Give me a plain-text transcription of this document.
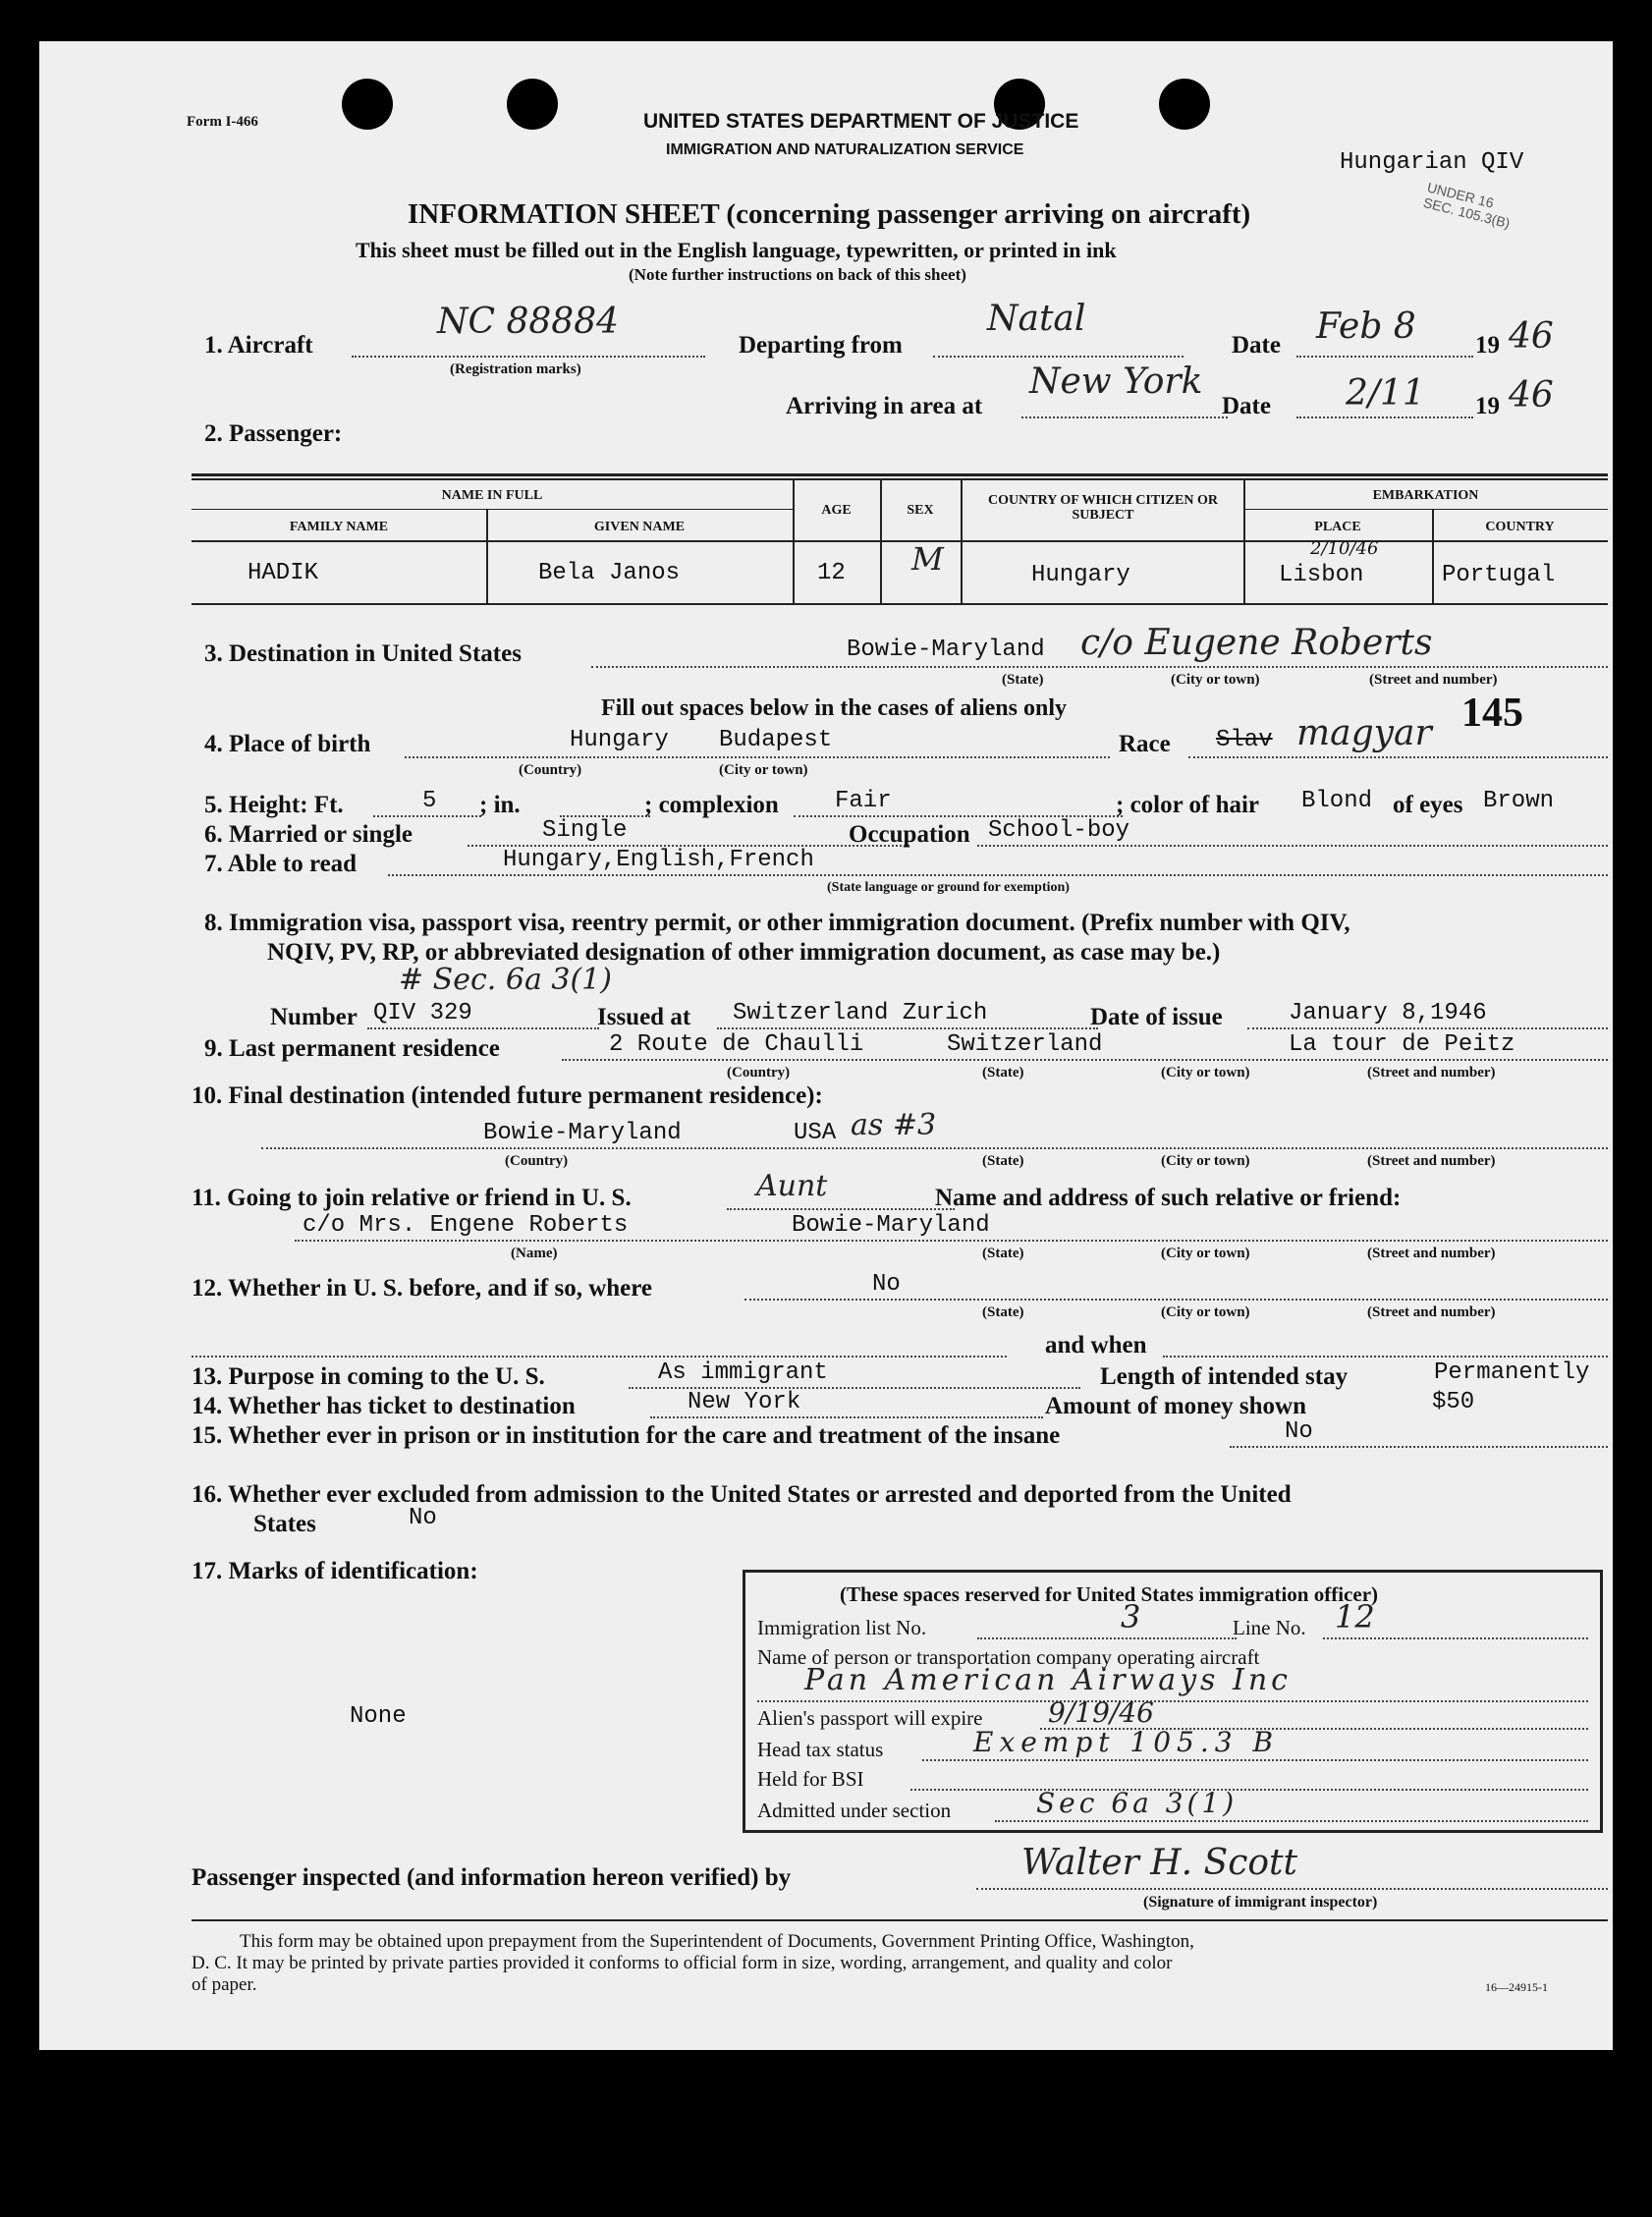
Form I-466	UNITED STATES DEPARTMENT OF JUSTICE
IMMIGRATION AND NATURALIZATION SERVICE	Hungarian QIV
UNDER 16 SEC. 105.3(B)
INFORMATION SHEET (concerning passenger arriving on aircraft)
This sheet must be filled out in the English language, typewritten, or printed in ink
(Note further instructions on back of this sheet)
1. Aircraft
NC 88884
(Registration marks)
Departing from
Natal
Date Feb 8 19 46
Arriving in area at
New York
Date 2/11 19 46
2. Passenger:
NAME IN FULL
FAMILY NAME	GIVEN NAME
AGE	SEX
COUNTRY OF WHICH CITIZEN OR SUBJECT
EMBARKATION
PLACE	COUNTRY
HADIK	Bela Janos	12 M	Hungary
2/10/46
Lisbon	Portugal
3. Destination in United States	Bowie-Maryland c/o Eugene Roberts
(State)	(City or town)	(Street and number)
Fill out spaces below in the cases of aliens only	145
4. Place of birth	Hungary Budapest
(Country)	(City or town)
Race Slav magyar
5. Height: Ft.	5 ; in.	; complexion Fair	; color of hair Blond of eyes Brown
6. Married or single	Single	Occupation School-boy
7. Able to read	Hungary,English,French
(State language or ground for exemption)
8. Immigration visa, passport visa, reentry permit, or other immigration document. (Prefix number with QIV,
NQIV, PV, RP, or abbreviated designation of other immigration document, as case may be.)
# Sec. 6a 3(1)
Number QIV 329	Issued at Switzerland Zurich	Date of issue	January 8,1946
9. Last permanent residence	2 Route de Chaulli	Switzerland	La tour de Peitz
(Country)	(State)	(City or town)	(Street and number)
10. Final destination (intended future permanent residence):
Bowie-Maryland	USA as #3
(Country)	(State)	(City or town)	(Street and number)
11. Going to join relative or friend in U. S.	Aunt	Name and address of such relative or friend:
c/o Mrs. Engene Roberts	Bowie-Maryland
(Name)	(State)	(City or town)	(Street and number)
12. Whether in U. S. before, and if so, where	No
(State)	(City or town)	(Street and number)
and when
13. Purpose in coming to the U. S.	As immigrant	Length of intended stay	Permanently
14. Whether has ticket to destination	New York	Amount of money shown	$50
15. Whether ever in prison or in institution for the care and treatment of the insane	No
16. Whether ever excluded from admission to the United States or arrested and deported from the United
States	No
17. Marks of identification:
None
(These spaces reserved for United States immigration officer)
Immigration list No.	3	Line No. 12
Name of person or transportation company operating aircraft
Pan American Airways Inc
Alien's passport will expire 9/19/46
Head tax status	Exempt 105.3 B
Held for BSI
Admitted under section	Sec 6a 3(1)
Passenger inspected (and information hereon verified) by	Walter H. Scott
(Signature of immigrant inspector)
This form may be obtained upon prepayment from the Superintendent of Documents, Government Printing Office, Washington,
D. C. It may be printed by private parties provided it conforms to official form in size, wording, arrangement, and quality and color
of paper.	16—24915-1
